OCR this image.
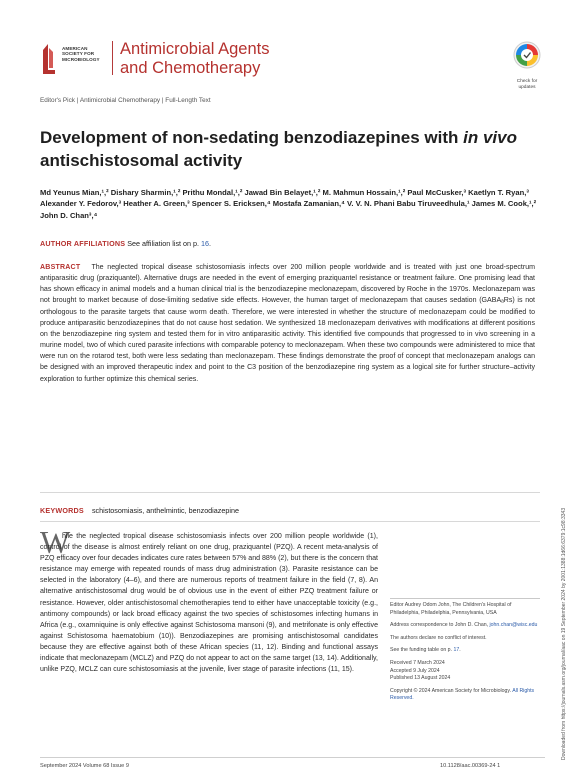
AMERICAN
SOCIETY FOR
MICROBIOLOGY
Antimicrobial Agents
and Chemotherapy
Check for
updates
Editor's Pick | Antimicrobial Chemotherapy | Full-Length Text
Development of non-sedating benzodiazepines with in vivo antischistosomal activity
Md Yeunus Mian,¹,² Dishary Sharmin,¹,² Prithu Mondal,¹,² Jawad Bin Belayet,¹,² M. Mahmun Hossain,¹,² Paul McCusker,³ Kaetlyn T. Ryan,³ Alexander Y. Fedorov,³ Heather A. Green,³ Spencer S. Ericksen,⁴ Mostafa Zamanian,⁴ V. V. N. Phani Babu Tiruveedhula,¹ James M. Cook,¹,² John D. Chan³,⁴
AUTHOR AFFILIATIONS See affiliation list on p. 16.
ABSTRACT The neglected tropical disease schistosomiasis infects over 200 million people worldwide and is treated with just one broad-spectrum antiparasitic drug (praziquantel). Alternative drugs are needed in the event of emerging praziquantel resistance or treatment failure. One promising lead that has shown efficacy in animal models and a human clinical trial is the benzodiazepine meclonazepam, discovered by Roche in the 1970s. Meclonazepam was not brought to market because of dose-limiting sedative side effects. However, the human target of meclonazepam that causes sedation (GABAₐRs) is not orthologous to the parasite targets that cause worm death. Therefore, we were interested in whether the structure of meclonazepam could be modified to produce antiparasitic benzodiazepines that do not cause host sedation. We synthesized 18 meclonazepam derivatives with modifications at different positions on the benzodiazepine ring system and tested them for in vitro antiparasitic activity. This identified five compounds that progressed to in vivo screening in a murine model, two of which cured parasite infections with comparable potency to meclonazepam. When these two compounds were administered to mice that were run on the rotarod test, both were less sedating than meclonazepam. These findings demonstrate the proof of concept that meclonazepam analogs can be designed with an improved therapeutic index and point to the C3 position of the benzodiazepine ring system as a logical site for further structure–activity exploration to further optimize this chemical series.
KEYWORDS schistosomiasis, anthelmintic, benzodiazepine
W

hile the neglected tropical disease schistosomiasis infects over 200 million people worldwide (1), control of the disease is almost entirely reliant on one drug, praziquantel (PZQ). A recent meta-analysis of PZQ efficacy over four decades indicates cure rates between 57% and 88% (2), but there is the concern that resistance may emerge with repeated rounds of mass drug administration (3). Parasite resistance can be selected in the laboratory (4–6), and there are numerous reports of treatment failure in the field (7, 8). An alternative antischistosomal drug would be of obvious use in the event of either PZQ treatment failure or resistance. However, older antischistosomal chemotherapies tend to either have unacceptable toxicity (e.g., antimony compounds) or lack broad efficacy against the two species of schistosomes infecting humans in Africa (e.g., oxamniquine is only effective against Schistosoma mansoni (9), and metrifonate is only effective against Schistosoma haematobium (10)). Benzodiazepines are promising antischistosomal candidates because they are effective against both of these African species (11, 12). Binding and functional assays indicate that meclonazepam (MCLZ) and PZQ do not appear to act on the same target (13, 14). Additionally, unlike PZQ, MCLZ can cure schistosomiasis at the juvenile, liver stage of parasite infections (11, 15).

Editor Audrey Odom John, The Children's Hospital of Philadelphia, Philadelphia, Pennsylvania, USA

Address correspondence to John D. Chan, john.chan@wisc.edu

The authors declare no conflict of interest.

See the funding table on p. 17.

Received 7 March 2024

Accepted 9 July 2024

Published 13 August 2024

Copyright © 2024 American Society for Microbiology. All Rights Reserved.

September 2024 Volume 68 Issue 9	10.1128/aac.00369-24 1
Downloaded from https://journals.asm.org/journal/aac on 19 September 2024 by 2001:1388:1d66:6379:1c98:3343
